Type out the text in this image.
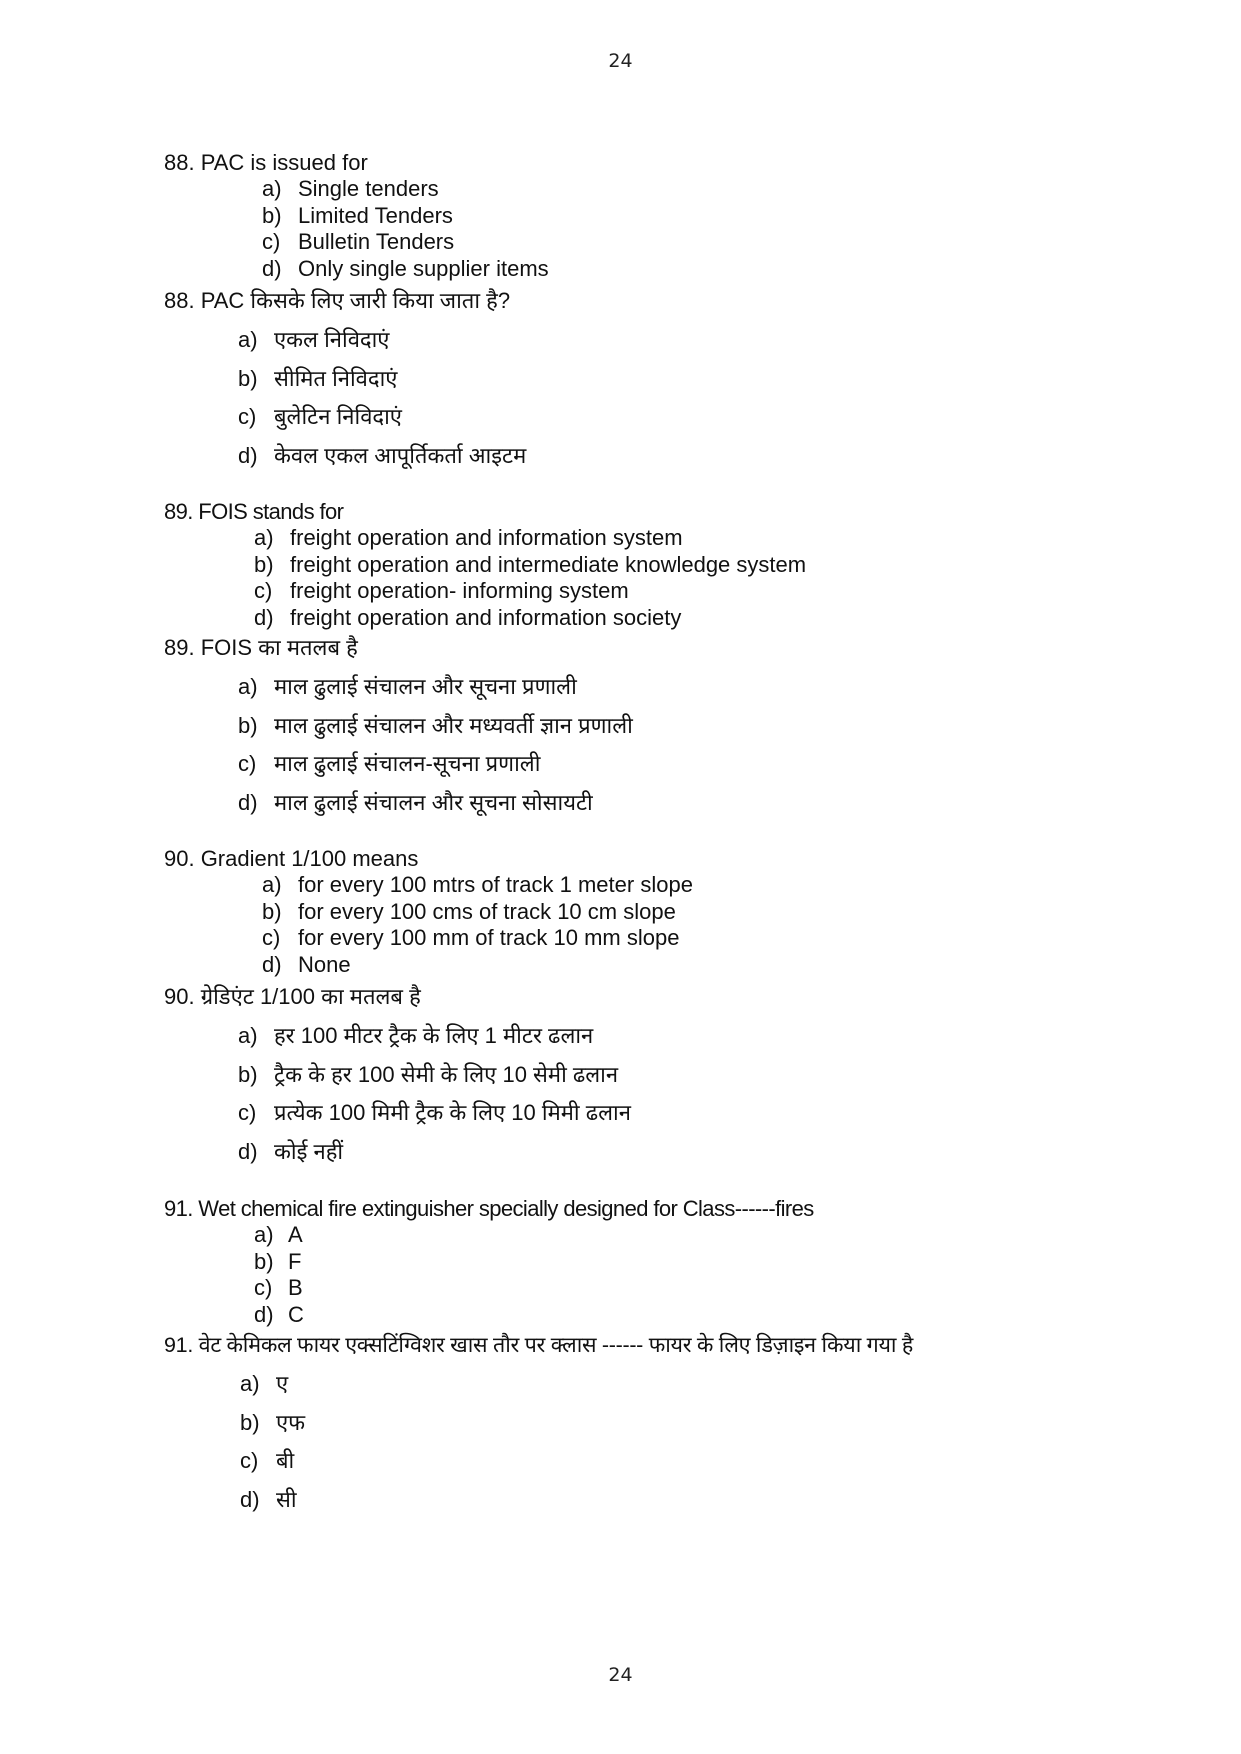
24
88. PAC is issued for
a) Single tenders
b) Limited Tenders
c) Bulletin Tenders
d) Only single supplier items
88. PAC किसके लिए जारी किया जाता है?
a) एकल निविदाएं
b) सीमित निविदाएं
c) बुलेटिन निविदाएं
d) केवल एकल आपूर्तिकर्ता आइटम
89. FOIS stands for
a) freight operation and information system
b) freight operation and intermediate knowledge system
c) freight operation- informing system
d) freight operation and information society
89. FOIS का मतलब है
a) माल ढुलाई संचालन और सूचना प्रणाली
b) माल ढुलाई संचालन और मध्यवर्ती ज्ञान प्रणाली
c) माल ढुलाई संचालन-सूचना प्रणाली
d) माल ढुलाई संचालन और सूचना सोसायटी
90. Gradient 1/100 means
a) for every 100 mtrs of track 1 meter slope
b) for every 100 cms of track 10 cm slope
c) for every 100 mm of track 10 mm slope
d) None
90. ग्रेडिएंट 1/100 का मतलब है
a) हर 100 मीटर ट्रैक के लिए 1 मीटर ढलान
b) ट्रैक के हर 100 सेमी के लिए 10 सेमी ढलान
c) प्रत्येक 100 मिमी ट्रैक के लिए 10 मिमी ढलान
d) कोई नहीं
91. Wet chemical fire extinguisher specially designed for Class------fires
a) A
b) F
c) B
d) C
91. वेट केमिकल फायर एक्सटिंग्विशर खास तौर पर क्लास ------ फायर के लिए डिज़ाइन किया गया है
a) ए
b) एफ
c) बी
d) सी
24
